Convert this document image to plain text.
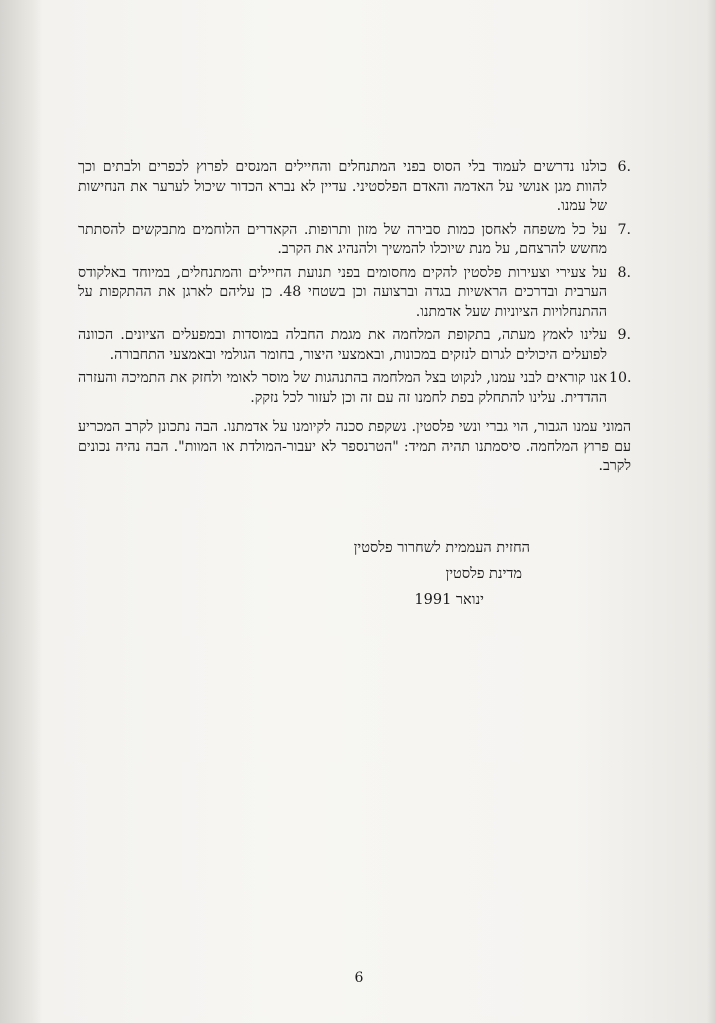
6.
כולנו נדרשים לעמוד בלי הסוס בפני המתנחלים והחיילים המנסים לפרוץ לכפרים ולבתים וכך להוות מגן אנושי על האדמה והאדם הפלסטיני. עדיין לא נברא הכדור שיכול לערער את הנחישות של עמנו.
7.
על כל משפחה לאחסן כמות סבירה של מזון ותרופות. הקאדרים הלוחמים מתבקשים להסתתר מחשש להרצחם, על מנת שיוכלו להמשיך ולהנהיג את הקרב.
8.
על צעירי וצעירות פלסטין להקים מחסומים בפני תנועת החיילים והמתנחלים, במיוחד באלקודס הערבית ובדרכים הראשיות בגדה וברצועה וכן בשטחי 48. כן עליהם לארגן את ההתקפות על ההתנחלויות הציוניות שעל אדמתנו.
9.
עלינו לאמץ מעתה, בתקופת המלחמה את מגמת החבלה במוסדות ובמפעלים הציונים. הכוונה לפועלים היכולים לגרום לנזקים במכונות, ובאמצעי היצור, בחומר הגולמי ובאמצעי התחבורה.
10.
אנו קוראים לבני עמנו, לנקוט בצל המלחמה בהתנהגות של מוסר לאומי ולחזק את התמיכה והעזרה ההדדית. עלינו להתחלק בפת לחמנו זה עם זה וכן לעזור לכל נזקק.
המוני עמנו הגבור, הוי גברי ונשי פלסטין. נשקפת סכנה לקיומנו על אדמתנו. הבה נתכונן לקרב המכריע עם פרוץ המלחמה. סיסמתנו תהיה תמיד: "הטרנספר לא יעבור-המולדת או המוות". הבה נהיה נכונים לקרב.
החזית העממית לשחרור פלסטין
מדינת פלסטין
ינואר 1991
6
